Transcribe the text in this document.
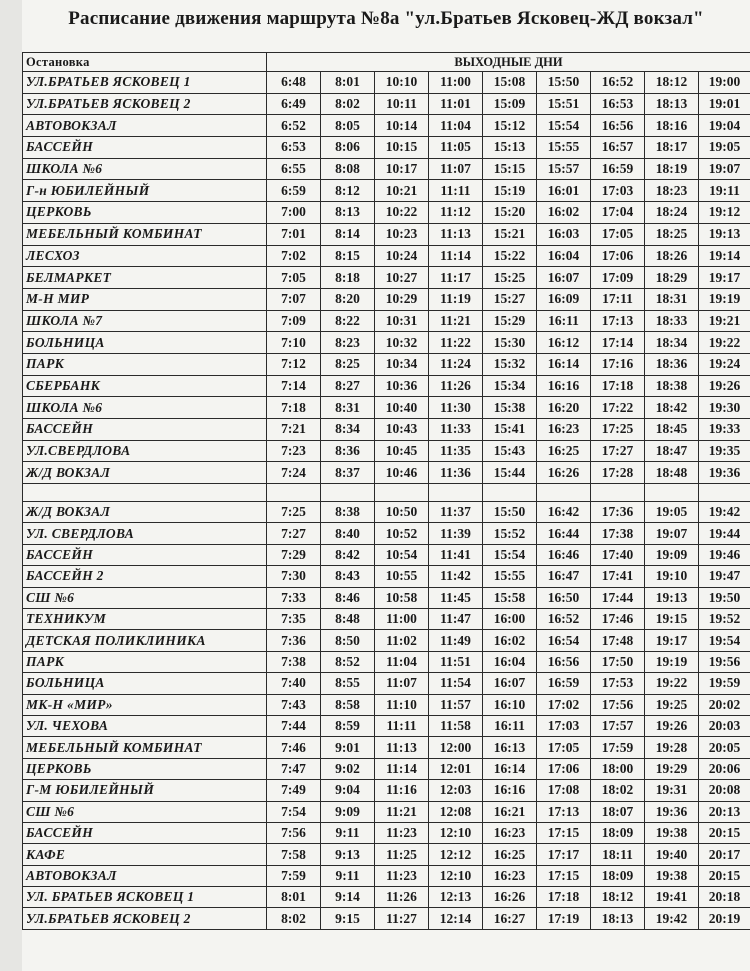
Расписание движения маршрута №8а "ул.Братьев Ясковец-ЖД вокзал"
Остановка	ВЫХОДНЫЕ ДНИ								
УЛ.БРАТЬЕВ ЯСКОВЕЦ 1	6:48	8:01	10:10	11:00	15:08	15:50	16:52	18:12	19:00
УЛ.БРАТЬЕВ ЯСКОВЕЦ 2	6:49	8:02	10:11	11:01	15:09	15:51	16:53	18:13	19:01
АВТОВОКЗАЛ	6:52	8:05	10:14	11:04	15:12	15:54	16:56	18:16	19:04
БАССЕЙН	6:53	8:06	10:15	11:05	15:13	15:55	16:57	18:17	19:05
ШКОЛА №6	6:55	8:08	10:17	11:07	15:15	15:57	16:59	18:19	19:07
Г-н ЮБИЛЕЙНЫЙ	6:59	8:12	10:21	11:11	15:19	16:01	17:03	18:23	19:11
ЦЕРКОВЬ	7:00	8:13	10:22	11:12	15:20	16:02	17:04	18:24	19:12
МЕБЕЛЬНЫЙ КОМБИНАТ	7:01	8:14	10:23	11:13	15:21	16:03	17:05	18:25	19:13
ЛЕСХОЗ	7:02	8:15	10:24	11:14	15:22	16:04	17:06	18:26	19:14
БЕЛМАРКЕТ	7:05	8:18	10:27	11:17	15:25	16:07	17:09	18:29	19:17
М-Н МИР	7:07	8:20	10:29	11:19	15:27	16:09	17:11	18:31	19:19
ШКОЛА №7	7:09	8:22	10:31	11:21	15:29	16:11	17:13	18:33	19:21
БОЛЬНИЦА	7:10	8:23	10:32	11:22	15:30	16:12	17:14	18:34	19:22
ПАРК	7:12	8:25	10:34	11:24	15:32	16:14	17:16	18:36	19:24
СБЕРБАНК	7:14	8:27	10:36	11:26	15:34	16:16	17:18	18:38	19:26
ШКОЛА №6	7:18	8:31	10:40	11:30	15:38	16:20	17:22	18:42	19:30
БАССЕЙН	7:21	8:34	10:43	11:33	15:41	16:23	17:25	18:45	19:33
УЛ.СВЕРДЛОВА	7:23	8:36	10:45	11:35	15:43	16:25	17:27	18:47	19:35
Ж/Д ВОКЗАЛ	7:24	8:37	10:46	11:36	15:44	16:26	17:28	18:48	19:36

Ж/Д ВОКЗАЛ	7:25	8:38	10:50	11:37	15:50	16:42	17:36	19:05	19:42
УЛ. СВЕРДЛОВА	7:27	8:40	10:52	11:39	15:52	16:44	17:38	19:07	19:44
БАССЕЙН	7:29	8:42	10:54	11:41	15:54	16:46	17:40	19:09	19:46
БАССЕЙН 2	7:30	8:43	10:55	11:42	15:55	16:47	17:41	19:10	19:47
СШ №6	7:33	8:46	10:58	11:45	15:58	16:50	17:44	19:13	19:50
ТЕХНИКУМ	7:35	8:48	11:00	11:47	16:00	16:52	17:46	19:15	19:52
ДЕТСКАЯ ПОЛИКЛИНИКА	7:36	8:50	11:02	11:49	16:02	16:54	17:48	19:17	19:54
ПАРК	7:38	8:52	11:04	11:51	16:04	16:56	17:50	19:19	19:56
БОЛЬНИЦА	7:40	8:55	11:07	11:54	16:07	16:59	17:53	19:22	19:59
МК-Н «МИР»	7:43	8:58	11:10	11:57	16:10	17:02	17:56	19:25	20:02
УЛ. ЧЕХОВА	7:44	8:59	11:11	11:58	16:11	17:03	17:57	19:26	20:03
МЕБЕЛЬНЫЙ КОМБИНАТ	7:46	9:01	11:13	12:00	16:13	17:05	17:59	19:28	20:05
ЦЕРКОВЬ	7:47	9:02	11:14	12:01	16:14	17:06	18:00	19:29	20:06
Г-М ЮБИЛЕЙНЫЙ	7:49	9:04	11:16	12:03	16:16	17:08	18:02	19:31	20:08
СШ №6	7:54	9:09	11:21	12:08	16:21	17:13	18:07	19:36	20:13
БАССЕЙН	7:56	9:11	11:23	12:10	16:23	17:15	18:09	19:38	20:15
КАФЕ	7:58	9:13	11:25	12:12	16:25	17:17	18:11	19:40	20:17
АВТОВОКЗАЛ	7:59	9:11	11:23	12:10	16:23	17:15	18:09	19:38	20:15
УЛ. БРАТЬЕВ ЯСКОВЕЦ 1	8:01	9:14	11:26	12:13	16:26	17:18	18:12	19:41	20:18
УЛ.БРАТЬЕВ ЯСКОВЕЦ 2	8:02	9:15	11:27	12:14	16:27	17:19	18:13	19:42	20:19
